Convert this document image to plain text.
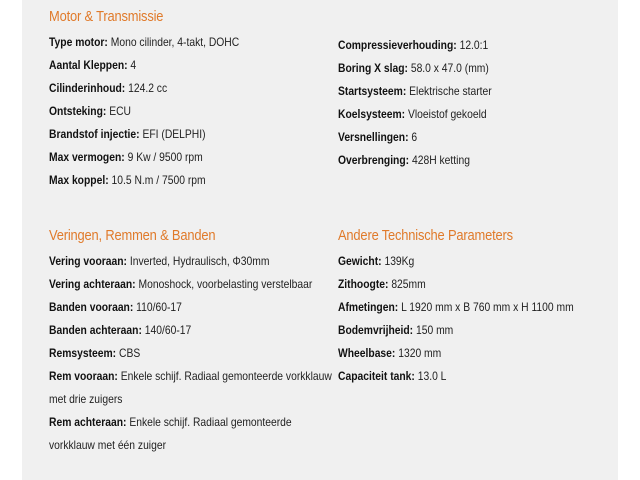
Motor & Transmissie
Type motor: Mono cilinder, 4-takt, DOHC
Aantal Kleppen: 4
Cilinderinhoud: 124.2 cc
Ontsteking: ECU
Brandstof injectie: EFI (DELPHI)
Max vermogen: 9 Kw / 9500 rpm
Max koppel: 10.5 N.m / 7500 rpm
Compressieverhouding: 12.0:1
Boring X slag: 58.0 x 47.0 (mm)
Startsysteem: Elektrische starter
Koelsysteem: Vloeistof gekoeld
Versnellingen: 6
Overbrenging: 428H ketting
Veringen, Remmen & Banden
Vering vooraan: Inverted, Hydraulisch, Φ30mm
Vering achteraan: Monoshock, voorbelasting verstelbaar
Banden vooraan: 110/60-17
Banden achteraan: 140/60-17
Remsysteem: CBS
Rem vooraan: Enkele schijf. Radiaal gemonteerde vorkklauw met drie zuigers
Rem achteraan: Enkele schijf. Radiaal gemonteerde vorkklauw met één zuiger
Andere Technische Parameters
Gewicht: 139Kg
Zithoogte: 825mm
Afmetingen: L 1920 mm x B 760 mm x H 1100 mm
Bodemvrijheid: 150 mm
Wheelbase: 1320 mm
Capaciteit tank: 13.0 L
